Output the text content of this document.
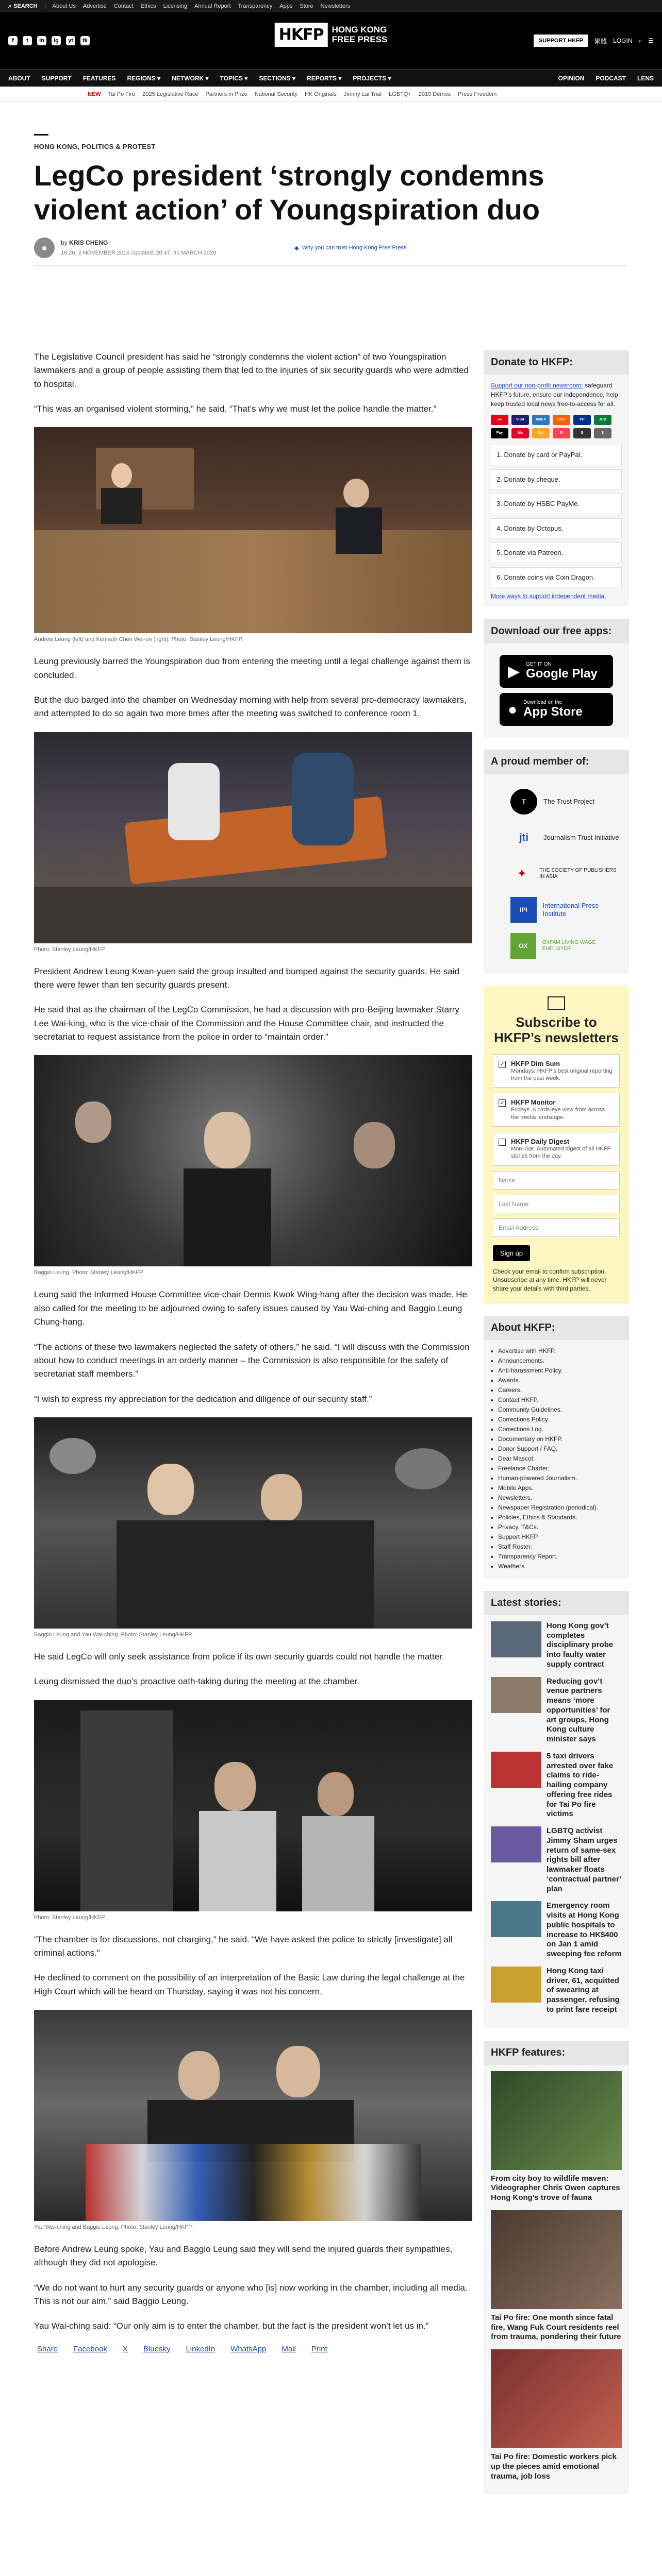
⌕ SEARCH	About Us Advertise Contact Ethics Licensing Annual Report Transparency Apps Store Newsletters
f	t	in	ig	yt	tk	SUPPORT HKFP	繁體 LOGIN ⌕ ☰
HKFP HONG KONG
FREE PRESS
ABOUT SUPPORT FEATURES REGIONS ▾ NETWORK ▾ TOPICS ▾ SECTIONS ▾ REPORTS ▾ PROJECTS ▾	OPINION PODCAST LENS
NEW Tai Po Fire 2025 Legislative Race Partners in Prize National Security HK Originals Jimmy Lai Trial LGBTQ+ 2019 Demos Press Freedom
HONG KONG, POLITICS & PROTEST
LegCo president ‘strongly condemns violent action’ of Youngspiration duo
● by KRIS CHENG
16:26, 2 NOVEMBER 2016 Updated: 20:47, 31 MARCH 2020
◆ Why you can trust Hong Kong Free Press

The Legislative Council president has said he “strongly condemns the violent action” of two Youngspiration lawmakers and a group of people assisting them that led to the injuries of six security guards who were admitted to hospital.

“This was an organised violent storming,” he said. “That’s why we must let the police handle the matter.”

Andrew Leung (left) and Kenneth Chen Wei-on (right). Photo: Stanley Leung/HKFP.

Leung previously barred the Youngspiration duo from entering the meeting until a legal challenge against them is concluded.

But the duo barged into the chamber on Wednesday morning with help from several pro-democracy lawmakers, and attempted to do so again two more times after the meeting was switched to conference room 1.

Photo: Stanley Leung/HKFP.

President Andrew Leung Kwan-yuen said the group insulted and bumped against the security guards. He said there were fewer than ten security guards present.

He said that as the chairman of the LegCo Commission, he had a discussion with pro-Beijing lawmaker Starry Lee Wai-king, who is the vice-chair of the Commission and the House Committee chair, and instructed the secretariat to request assistance from the police in order to “maintain order.”

Baggio Leung. Photo: Stanley Leung/HKFP.

Leung said the Informed House Committee vice-chair Dennis Kwok Wing-hang after the decision was made. He also called for the meeting to be adjourned owing to safety issues caused by Yau Wai-ching and Baggio Leung Chung-hang.

“The actions of these two lawmakers neglected the safety of others,” he said. “I will discuss with the Commission about how to conduct meetings in an orderly manner – the Commission is also responsible for the safety of secretariat staff members.”

“I wish to express my appreciation for the dedication and diligence of our security staff.”

Baggio Leung and Yau Wai-ching. Photo: Stanley Leung/HKFP.

He said LegCo will only seek assistance from police if its own security guards could not handle the matter.

Leung dismissed the duo’s proactive oath-taking during the meeting at the chamber.

Photo: Stanley Leung/HKFP.

“The chamber is for discussions, not charging,” he said. “We have asked the police to strictly [investigate] all criminal actions.”

He declined to comment on the possibility of an interpretation of the Basic Law during the legal challenge at the High Court which will be heard on Thursday, saying it was not his concern.

Yau Wai-ching and Baggio Leung. Photo: Stanley Leung/HKFP.

Before Andrew Leung spoke, Yau and Baggio Leung said they will send the injured guards their sympathies, although they did not apologise.

“We do not want to hurt any security guards or anyone who [is] now working in the chamber, including all media. This is not our aim,” said Baggio Leung.

Yau Wai-ching said: “Our only aim is to enter the chamber, but the fact is the president won’t let us in.”

Share Facebook X Bluesky LinkedIn WhatsApp Mail Print
Donate to HKFP:
Support our non-profit newsroom: safeguard HKFP’s future, ensure our independence, help keep trusted local news free-to-access for all.
●●	VISA	AMEX	DISC	PP	JCB
Pay	Me	Oct	P	G	$
1. Donate by card or PayPal.
2. Donate by cheque.
3. Donate by HSBC PayMe.
4. Donate by Octopus.
5. Donate via Patreon.
6. Donate coins via Coin Dragon.
More ways to support independent media.
Download our free apps:
▶ GET IT ON
Google Play
● Download on the
App Store
A proud member of:
T	The Trust Project
jti	Journalism Trust Initiative
✦	THE SOCIETY OF PUBLISHERS IN ASIA
IPI
International Press Institute
OX	OXFAM LIVING WAGE EMPLOYER
Subscribe to HKFP’s newsletters
✓ HKFP Dim Sum
Mondays. HKFP’s best original reporting from the past week.
✓ HKFP Monitor
Fridays. A birds-eye view from across the media landscape.
HKFP Daily Digest
Mon–Sat. Automated digest of all HKFP stories from the day.
Name
Last Name
Email Address
Sign up

Check your email to confirm subscription. Unsubscribe at any time. HKFP will never share your details with third parties.

About HKFP:
• Advertise with HKFP.
• Announcements.
• Anti-harassment Policy.
• Awards.
• Careers.
• Contact HKFP.
• Community Guidelines.
• Corrections Policy.
• Corrections Log.
• Documentary on HKFP.
• Donor Support / FAQ.
• Dear Mascot.
• Freelance Charter.
• Human-powered Journalism.
• Mobile Apps.
• Newsletters.
• Newspaper Registration (periodical).
• Policies, Ethics & Standards.
• Privacy, T&Cs.
• Support HKFP.
• Staff Roster.
• Transparency Report.
• Weathers.
Latest stories:
Hong Kong gov’t completes disciplinary probe into faulty water supply contract
Reducing gov’t venue partners means ‘more opportunities’ for art groups, Hong Kong culture minister says
5 taxi drivers arrested over fake claims to ride-hailing company offering free rides for Tai Po fire victims
LGBTQ activist Jimmy Sham urges return of same-sex rights bill after lawmaker floats ‘contractual partner’ plan
Emergency room visits at Hong Kong public hospitals to increase to HK$400 on Jan 1 amid sweeping fee reform
Hong Kong taxi driver, 61, acquitted of swearing at passenger, refusing to print fare receipt
HKFP features:
From city boy to wildlife maven: Videographer Chris Owen captures Hong Kong’s trove of fauna
Tai Po fire: One month since fatal fire, Wang Fuk Court residents reel from trauma, pondering their future
Tai Po fire: Domestic workers pick up the pieces amid emotional trauma, job loss
